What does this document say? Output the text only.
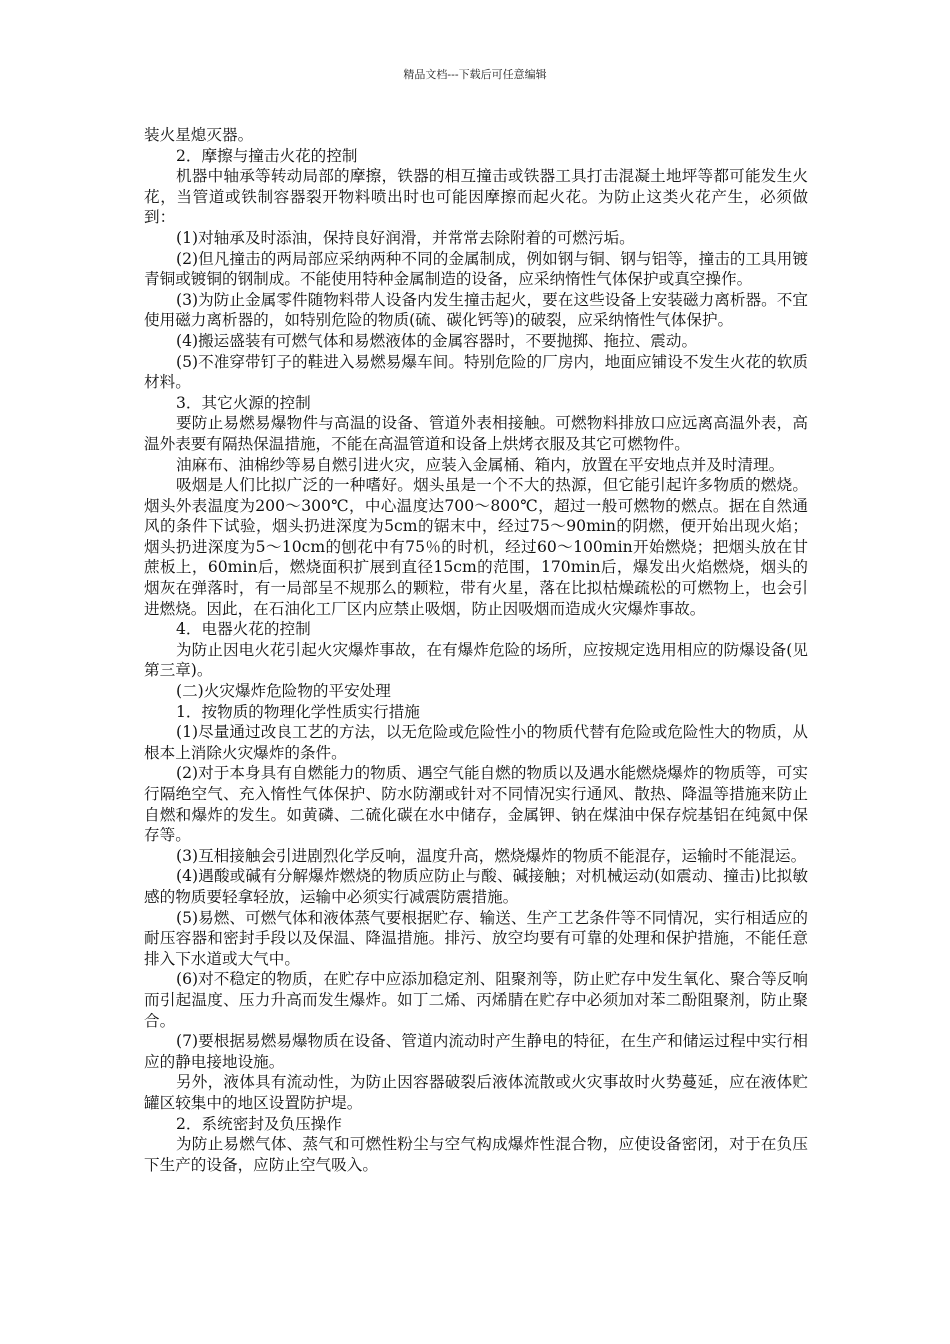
精品文档---下载后可任意编辑

装火星熄灭器。

2．摩擦与撞击火花的控制

机器中轴承等转动局部的摩擦，铁器的相互撞击或铁器工具打击混凝土地坪等都可能发生火花，当管道或铁制容器裂开物料喷出时也可能因摩擦而起火花。为防止这类火花产生，必须做到：

(1)对轴承及时添油，保持良好润滑，并常常去除附着的可燃污垢。

(2)但凡撞击的两局部应采纳两种不同的金属制成，例如钢与铜、钢与铝等，撞击的工具用镀青铜或镀铜的钢制成。不能使用特种金属制造的设备，应采纳惰性气体保护或真空操作。

(3)为防止金属零件随物料带人设备内发生撞击起火，要在这些设备上安装磁力离析器。不宜使用磁力离析器的，如特别危险的物质(硫、碳化钙等)的破裂，应采纳惰性气体保护。

(4)搬运盛装有可燃气体和易燃液体的金属容器时，不要抛掷、拖拉、震动。

(5)不准穿带钉子的鞋进入易燃易爆车间。特别危险的厂房内，地面应铺设不发生火花的软质材料。

3．其它火源的控制

要防止易燃易爆物件与高温的设备、管道外表相接触。可燃物料排放口应远离高温外表，高温外表要有隔热保温措施，不能在高温管道和设备上烘烤衣服及其它可燃物件。

油麻布、油棉纱等易自燃引进火灾，应装入金属桶、箱内，放置在平安地点并及时清理。

吸烟是人们比拟广泛的一种嗜好。烟头虽是一个不大的热源，但它能引起许多物质的燃烧。烟头外表温度为200～300℃，中心温度达700～800℃，超过一般可燃物的燃点。据在自然通风的条件下试验，烟头扔进深度为5cm的锯末中，经过75～90min的阴燃，便开始出现火焰；烟头扔进深度为5～10cm的刨花中有75％的时机，经过60～100min开始燃烧；把烟头放在甘蔗板上，60min后，燃烧面积扩展到直径15cm的范围，170min后，爆发出火焰燃烧，烟头的烟灰在弹落时，有一局部呈不规那么的颗粒，带有火星，落在比拟枯燥疏松的可燃物上，也会引进燃烧。因此，在石油化工厂区内应禁止吸烟，防止因吸烟而造成火灾爆炸事故。

4．电器火花的控制

为防止因电火花引起火灾爆炸事故，在有爆炸危险的场所，应按规定选用相应的防爆设备(见第三章)。

(二)火灾爆炸危险物的平安处理

1．按物质的物理化学性质实行措施

(1)尽量通过改良工艺的方法，以无危险或危险性小的物质代替有危险或危险性大的物质，从根本上消除火灾爆炸的条件。

(2)对于本身具有自燃能力的物质、遇空气能自燃的物质以及遇水能燃烧爆炸的物质等，可实行隔绝空气、充入惰性气体保护、防水防潮或针对不同情况实行通风、散热、降温等措施来防止自燃和爆炸的发生。如黄磷、二硫化碳在水中储存，金属钾、钠在煤油中保存烷基铝在纯氮中保存等。

(3)互相接触会引进剧烈化学反响，温度升高，燃烧爆炸的物质不能混存，运输时不能混运。

(4)遇酸或碱有分解爆炸燃烧的物质应防止与酸、碱接触；对机械运动(如震动、撞击)比拟敏感的物质要轻拿轻放，运输中必须实行减震防震措施。

(5)易燃、可燃气体和液体蒸气要根据贮存、输送、生产工艺条件等不同情况，实行相适应的耐压容器和密封手段以及保温、降温措施。排污、放空均要有可靠的处理和保护措施，不能任意排入下水道或大气中。

(6)对不稳定的物质，在贮存中应添加稳定剂、阻聚剂等，防止贮存中发生氧化、聚合等反响而引起温度、压力升高而发生爆炸。如丁二烯、丙烯腈在贮存中必须加对苯二酚阻聚剂，防止聚合。

(7)要根据易燃易爆物质在设备、管道内流动时产生静电的特征，在生产和储运过程中实行相应的静电接地设施。

另外，液体具有流动性，为防止因容器破裂后液体流散或火灾事故时火势蔓延，应在液体贮罐区较集中的地区设置防护堤。

2．系统密封及负压操作

为防止易燃气体、蒸气和可燃性粉尘与空气构成爆炸性混合物，应使设备密闭，对于在负压下生产的设备，应防止空气吸入。
